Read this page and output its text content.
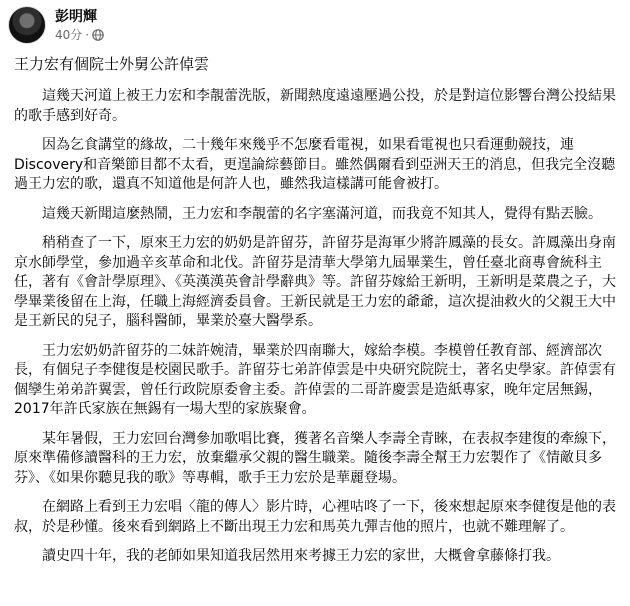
彭明輝
40分 ·

王力宏有個院士外舅公許倬雲

這幾天河道上被王力宏和李靚蕾洗版，新聞熱度遠遠壓過公投，於是對這位影響台灣公投結果的歌手感到好奇。

因為乞食講堂的緣故，二十幾年來幾乎不怎麼看電視，如果看電視也只看運動競技，連Discovery和音樂節目都不太看，更遑論綜藝節目。雖然偶爾看到亞洲天王的消息，但我完全沒聽過王力宏的歌，還真不知道他是何許人也，雖然我這樣講可能會被打。

這幾天新聞這麼熱鬧，王力宏和李靚蕾的名字塞滿河道，而我竟不知其人，覺得有點丟臉。

稍稍查了一下，原來王力宏的奶奶是許留芬，許留芬是海軍少將許鳳藻的長女。許鳳藻出身南京水師學堂，參加過辛亥革命和北伐。許留芬是清華大學第九屆畢業生，曾任臺北商專會統科主任，著有《會計學原理》、《英漢漢英會計學辭典》等。許留芬嫁給王新明，王新明是菜農之子，大學畢業後留在上海，任職上海經濟委員會。王新民就是王力宏的爺爺，這次提油救火的父親王大中是王新民的兒子，腦科醫師，畢業於臺大醫學系。

王力宏奶奶許留芬的二妹許婉清，畢業於四南聯大，嫁給李模。李模曾任教育部、經濟部次長，有個兒子李健復是校園民歌手。許留芬七弟許倬雲是中央研究院院士，著名史學家。許倬雲有個孿生弟弟許翼雲，曾任行政院原委會主委。許倬雲的二哥許慶雲是造紙專家，晚年定居無錫，2017年許氏家族在無錫有一場大型的家族聚會。

某年暑假，王力宏回台灣參加歌唱比賽，獲著名音樂人李壽全青睞，在表叔李建復的牽線下，原來準備修讀醫科的王力宏，放棄繼承父親的醫生職業。隨後李壽全幫王力宏製作了《情敵貝多芬》、《如果你聽見我的歌》等專輯，歌手王力宏於是華麗登場。

在網路上看到王力宏唱〈龍的傳人〉影片時，心裡咕咚了一下，後來想起原來李健復是他的表叔，於是秒懂。後來看到網路上不斷出現王力宏和馬英九彈吉他的照片，也就不難理解了。

讀史四十年，我的老師如果知道我居然用來考據王力宏的家世，大概會拿藤條打我。
